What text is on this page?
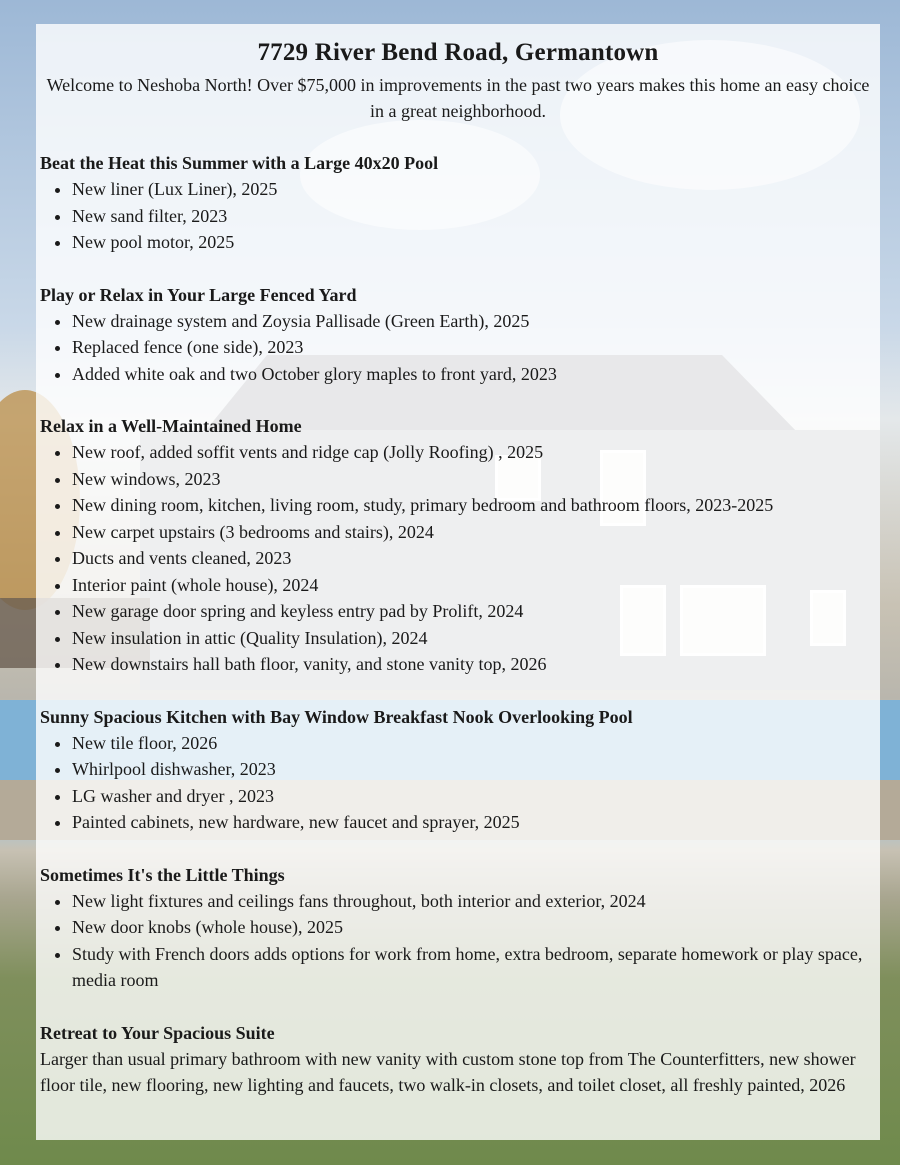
7729 River Bend Road, Germantown

Welcome to Neshoba North! Over $75,000 in improvements in the past two years makes this home an easy choice in a great neighborhood.

Beat the Heat this Summer with a Large 40x20 Pool
• New liner (Lux Liner), 2025
• New sand filter, 2023
• New pool motor, 2025
Play or Relax in Your Large Fenced Yard
• New drainage system and Zoysia Pallisade (Green Earth), 2025
• Replaced fence (one side), 2023
• Added white oak and two October glory maples to front yard, 2023
Relax in a Well-Maintained Home
• New roof, added soffit vents and ridge cap (Jolly Roofing) , 2025
• New windows, 2023
• New dining room, kitchen, living room, study, primary bedroom and bathroom floors, 2023-2025
• New carpet upstairs (3 bedrooms and stairs), 2024
• Ducts and vents cleaned, 2023
• Interior paint (whole house), 2024
• New garage door spring and keyless entry pad by Prolift, 2024
• New insulation in attic (Quality Insulation), 2024
• New downstairs hall bath floor, vanity, and stone vanity top, 2026
Sunny Spacious Kitchen with Bay Window Breakfast Nook Overlooking Pool
• New tile floor, 2026
• Whirlpool dishwasher, 2023
• LG washer and dryer , 2023
• Painted cabinets, new hardware, new faucet and sprayer, 2025
Sometimes It's the Little Things
• New light fixtures and ceilings fans throughout, both interior and exterior, 2024
• New door knobs (whole house), 2025
• Study with French doors adds options for work from home, extra bedroom, separate homework or play space, media room
Retreat to Your Spacious Suite

Larger than usual primary bathroom with new vanity with custom stone top from The Counterfitters, new shower floor tile, new flooring, new lighting and faucets, two walk-in closets, and toilet closet, all freshly painted, 2026
